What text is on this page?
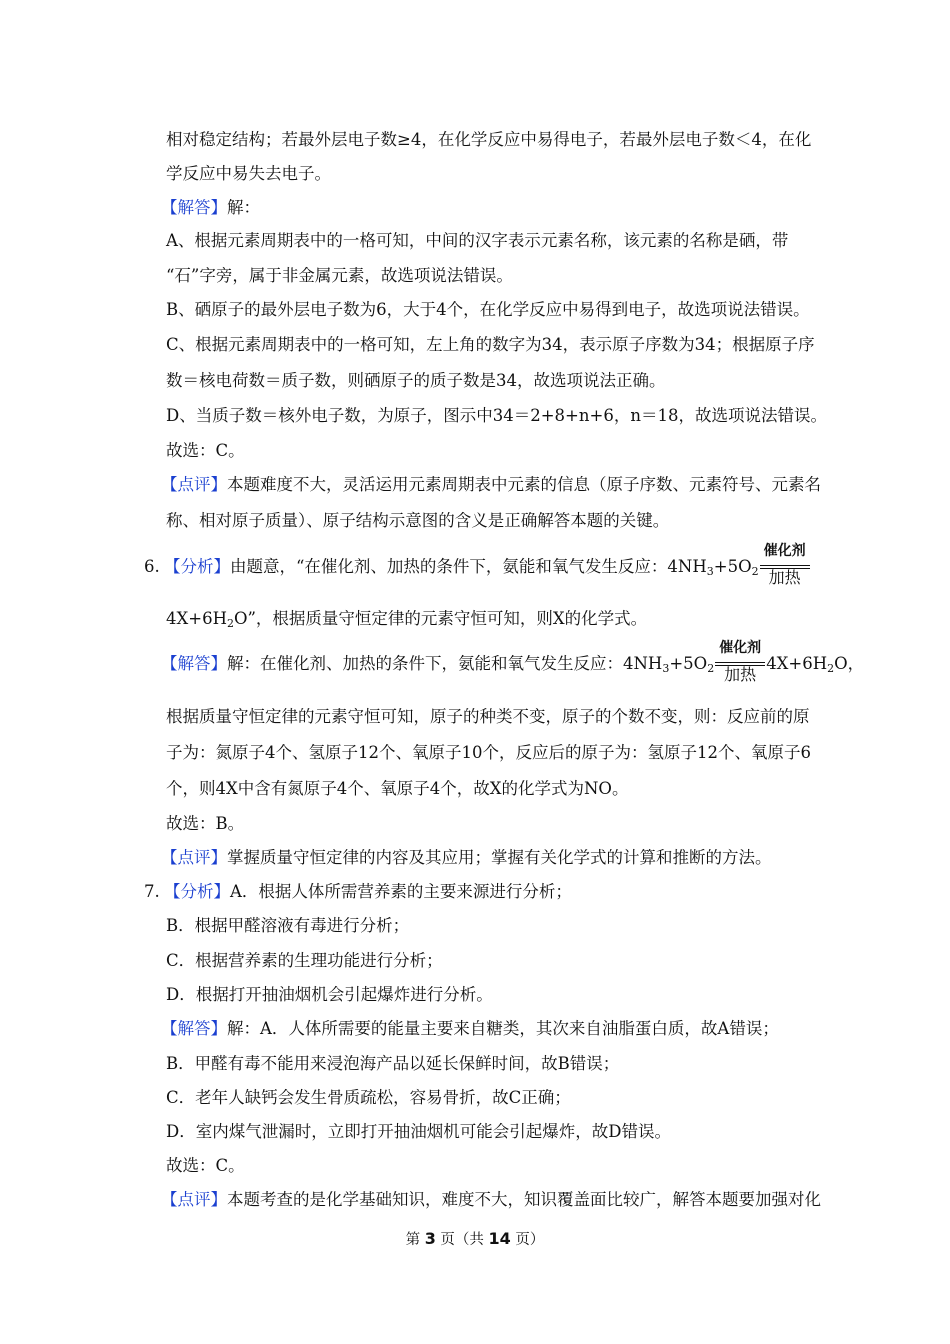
相对稳定结构；若最外层电子数≥4，在化学反应中易得电子，若最外层电子数＜4，在化
学反应中易失去电子。
【解答】解：
A、根据元素周期表中的一格可知，中间的汉字表示元素名称，该元素的名称是硒，带
“石”字旁，属于非金属元素，故选项说法错误。
B、硒原子的最外层电子数为6，大于4个，在化学反应中易得到电子，故选项说法错误。
C、根据元素周期表中的一格可知，左上角的数字为34，表示原子序数为34；根据原子序
数＝核电荷数＝质子数，则硒原子的质子数是34，故选项说法正确。
D、当质子数＝核外电子数，为原子，图示中34＝2+8+n+6，n＝18，故选项说法错误。
故选：C。
【点评】本题难度不大，灵活运用元素周期表中元素的信息（原子序数、元素符号、元素名
称、相对原子质量）、原子结构示意图的含义是正确解答本题的关键。
6. 【分析】由题意，“在催化剂、加热的条件下，氨能和氧气发生反应：$4NH_3+5O_2$
催化剂
加热
$4X+6H_2O$”，根据质量守恒定律的元素守恒可知，则X的化学式。
【解答】解：在催化剂、加热的条件下，氨能和氧气发生反应：$4NH_3+5O_2$
催化剂
加热
$4X+6H_2O$，
根据质量守恒定律的元素守恒可知，原子的种类不变，原子的个数不变，则：反应前的原
子为：氮原子4个、氢原子12个、氧原子10个，反应后的原子为：氢原子12个、氧原子6
个，则4X中含有氮原子4个、氧原子4个，故X的化学式为NO。
故选：B。
【点评】掌握质量守恒定律的内容及其应用；掌握有关化学式的计算和推断的方法。
7. 【分析】A．根据人体所需营养素的主要来源进行分析；
B．根据甲醛溶液有毒进行分析；
C．根据营养素的生理功能进行分析；
D．根据打开抽油烟机会引起爆炸进行分析。
【解答】解：A．人体所需要的能量主要来自糖类，其次来自油脂蛋白质，故A错误；
B．甲醛有毒不能用来浸泡海产品以延长保鲜时间，故B错误；
C．老年人缺钙会发生骨质疏松，容易骨折，故C正确；
D．室内煤气泄漏时，立即打开抽油烟机可能会引起爆炸，故D错误。
故选：C。
【点评】本题考查的是化学基础知识，难度不大，知识覆盖面比较广，解答本题要加强对化
第 3 页（共 14 页）
